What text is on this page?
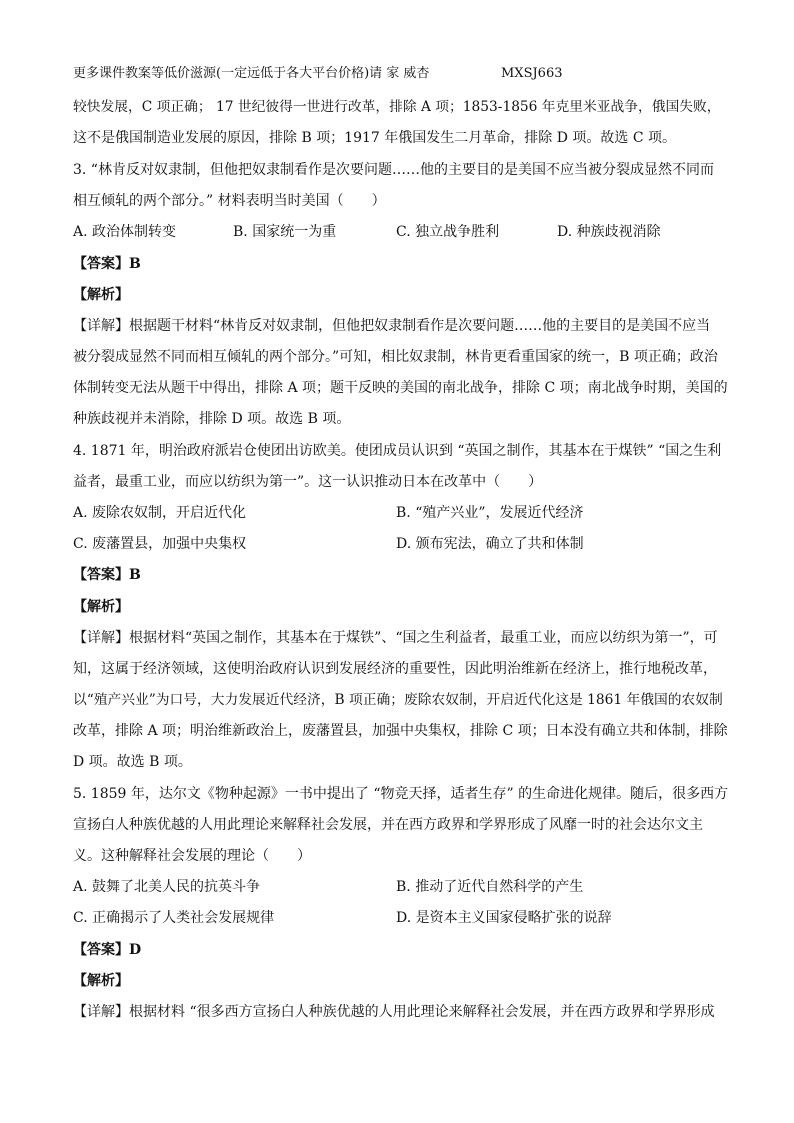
更多课件教案等低价滋源(一定远低于各大平台价格)请 家 威杏	MXSJ663
较快发展，C 项正确； 17 世纪彼得一世进行改革，排除 A 项；1853-1856 年克里米亚战争，俄国失败，
这不是俄国制造业发展的原因，排除 B 项；1917 年俄国发生二月革命，排除 D 项。故选 C 项。
3. “林肯反对奴隶制，但他把奴隶制看作是次要问题……他的主要目的是美国不应当被分裂成显然不同而
相互倾轧的两个部分。” 材料表明当时美国（　　）
A. 政治体制转变	B. 国家统一为重	C. 独立战争胜利	D. 种族歧视消除
【答案】B
【解析】
【详解】根据题干材料“林肯反对奴隶制，但他把奴隶制看作是次要问题……他的主要目的是美国不应当
被分裂成显然不同而相互倾轧的两个部分。”可知，相比奴隶制，林肯更看重国家的统一，B 项正确；政治
体制转变无法从题干中得出，排除 A 项；题干反映的美国的南北战争，排除 C 项；南北战争时期，美国的
种族歧视并未消除，排除 D 项。故选 B 项。
4. 1871 年，明治政府派岩仓使团出访欧美。使团成员认识到 “英国之制作，其基本在于煤铁” “国之生利
益者，最重工业，而应以纺织为第一”。这一认识推动日本在改革中（　　）
A. 废除农奴制，开启近代化	B. “殖产兴业”，发展近代经济
C. 废藩置县，加强中央集权	D. 颁布宪法，确立了共和体制
【答案】B
【解析】
【详解】根据材料“英国之制作，其基本在于煤铁”、“国之生利益者，最重工业，而应以纺织为第一”，可
知，这属于经济领域，这使明治政府认识到发展经济的重要性，因此明治维新在经济上，推行地税改革，
以“殖产兴业”为口号，大力发展近代经济，B 项正确；废除农奴制，开启近代化这是 1861 年俄国的农奴制
改革，排除 A 项；明治维新政治上，废藩置县，加强中央集权，排除 C 项；日本没有确立共和体制，排除
D 项。故选 B 项。
5. 1859 年，达尔文《物种起源》一书中提出了 “物竞天择，适者生存” 的生命进化规律。随后，很多西方
宣扬白人种族优越的人用此理论来解释社会发展，并在西方政界和学界形成了风靡一时的社会达尔文主
义。这种解释社会发展的理论（　　）
A. 鼓舞了北美人民的抗英斗争	B. 推动了近代自然科学的产生
C. 正确揭示了人类社会发展规律	D. 是资本主义国家侵略扩张的说辞
【答案】D
【解析】
【详解】根据材料 “很多西方宣扬白人种族优越的人用此理论来解释社会发展，并在西方政界和学界形成
